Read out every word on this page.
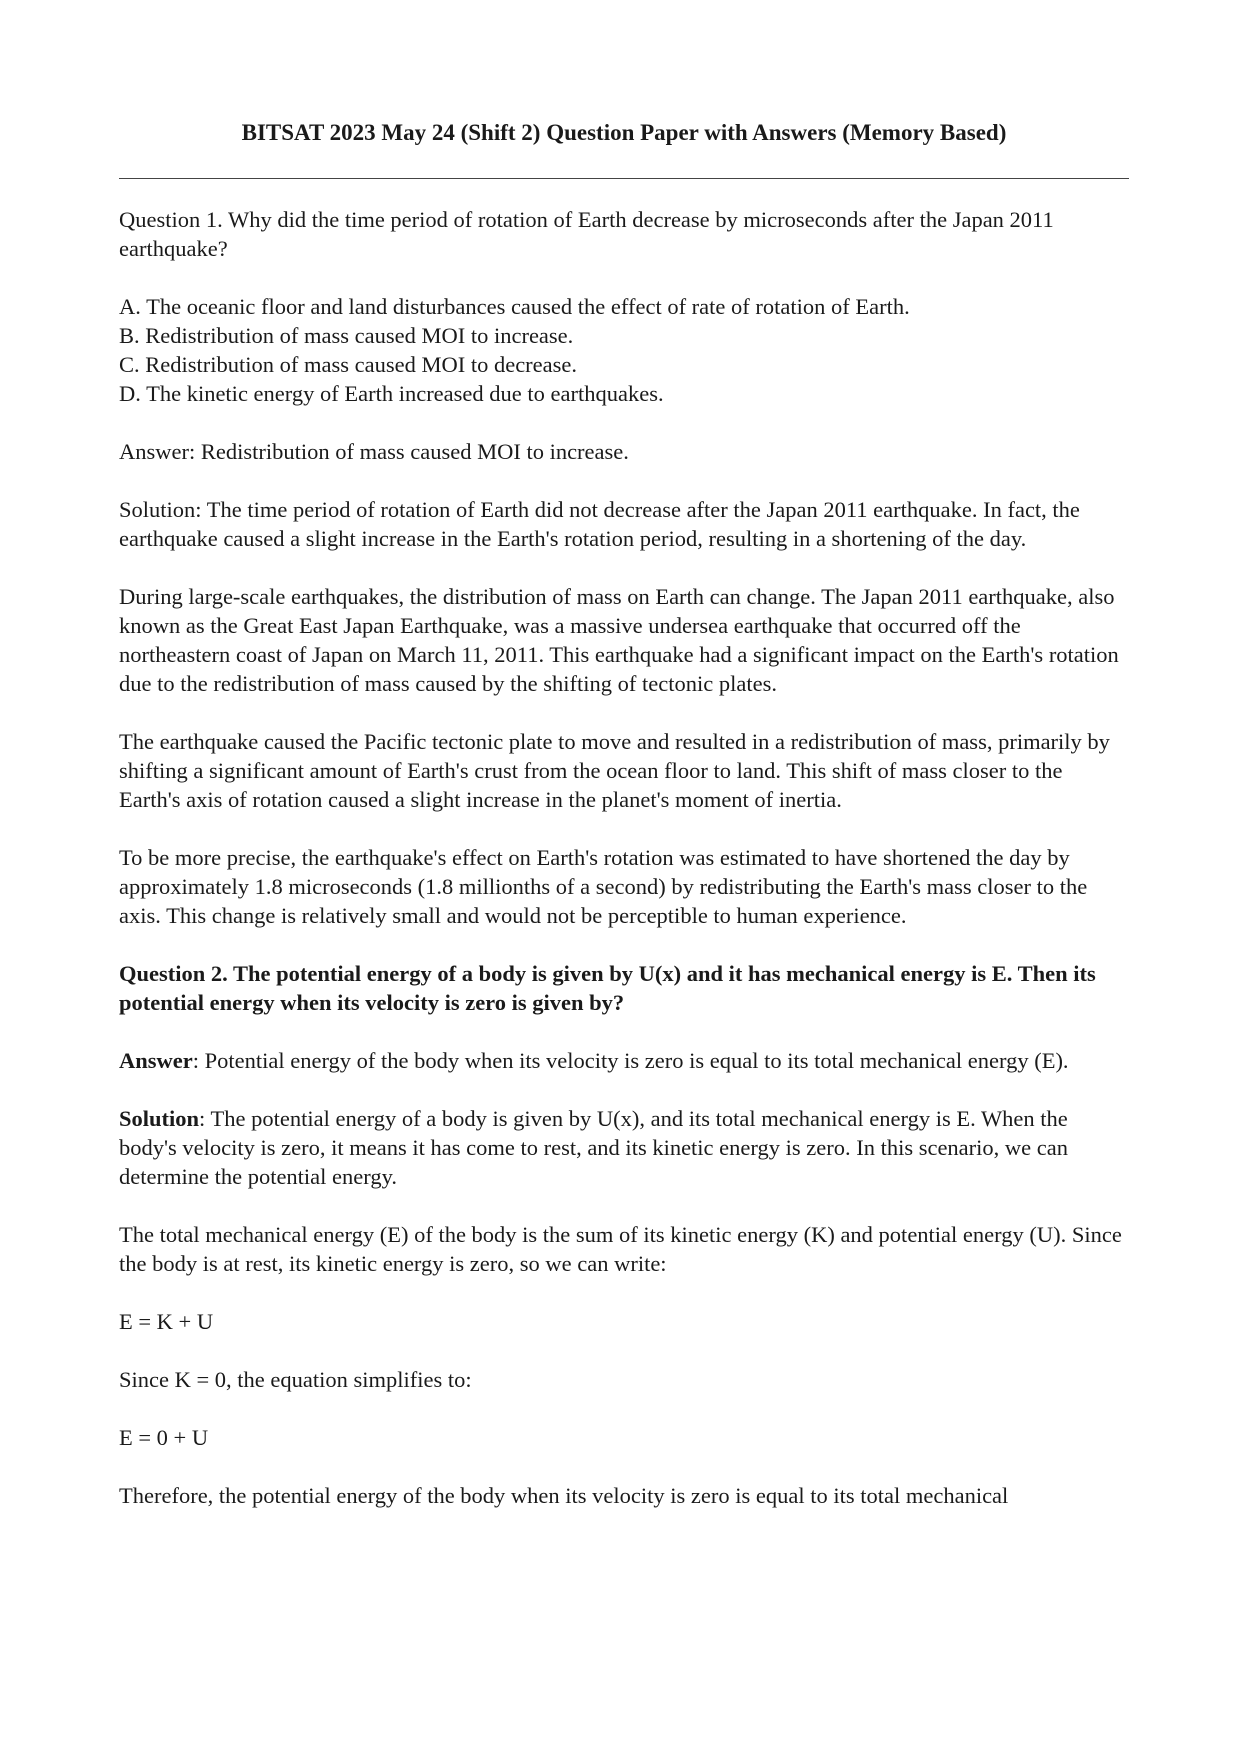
BITSAT 2023 May 24 (Shift 2) Question Paper with Answers (Memory Based)

Question 1. Why did the time period of rotation of Earth decrease by microseconds after the Japan 2011 earthquake?

A. The oceanic floor and land disturbances caused the effect of rate of rotation of Earth.

B. Redistribution of mass caused MOI to increase.

C. Redistribution of mass caused MOI to decrease.

D. The kinetic energy of Earth increased due to earthquakes.

Answer: Redistribution of mass caused MOI to increase.

Solution: The time period of rotation of Earth did not decrease after the Japan 2011 earthquake. In fact, the earthquake caused a slight increase in the Earth's rotation period, resulting in a shortening of the day.

During large-scale earthquakes, the distribution of mass on Earth can change. The Japan 2011 earthquake, also known as the Great East Japan Earthquake, was a massive undersea earthquake that occurred off the northeastern coast of Japan on March 11, 2011. This earthquake had a significant impact on the Earth's rotation due to the redistribution of mass caused by the shifting of tectonic plates.

The earthquake caused the Pacific tectonic plate to move and resulted in a redistribution of mass, primarily by shifting a significant amount of Earth's crust from the ocean floor to land. This shift of mass closer to the Earth's axis of rotation caused a slight increase in the planet's moment of inertia.

To be more precise, the earthquake's effect on Earth's rotation was estimated to have shortened the day by approximately 1.8 microseconds (1.8 millionths of a second) by redistributing the Earth's mass closer to the axis. This change is relatively small and would not be perceptible to human experience.

Question 2. The potential energy of a body is given by U(x) and it has mechanical energy is E. Then its potential energy when its velocity is zero is given by?

Answer: Potential energy of the body when its velocity is zero is equal to its total mechanical energy (E).

Solution: The potential energy of a body is given by U(x), and its total mechanical energy is E. When the body's velocity is zero, it means it has come to rest, and its kinetic energy is zero. In this scenario, we can determine the potential energy.

The total mechanical energy (E) of the body is the sum of its kinetic energy (K) and potential energy (U). Since the body is at rest, its kinetic energy is zero, so we can write:

E = K + U

Since K = 0, the equation simplifies to:

E = 0 + U

Therefore, the potential energy of the body when its velocity is zero is equal to its total mechanical
